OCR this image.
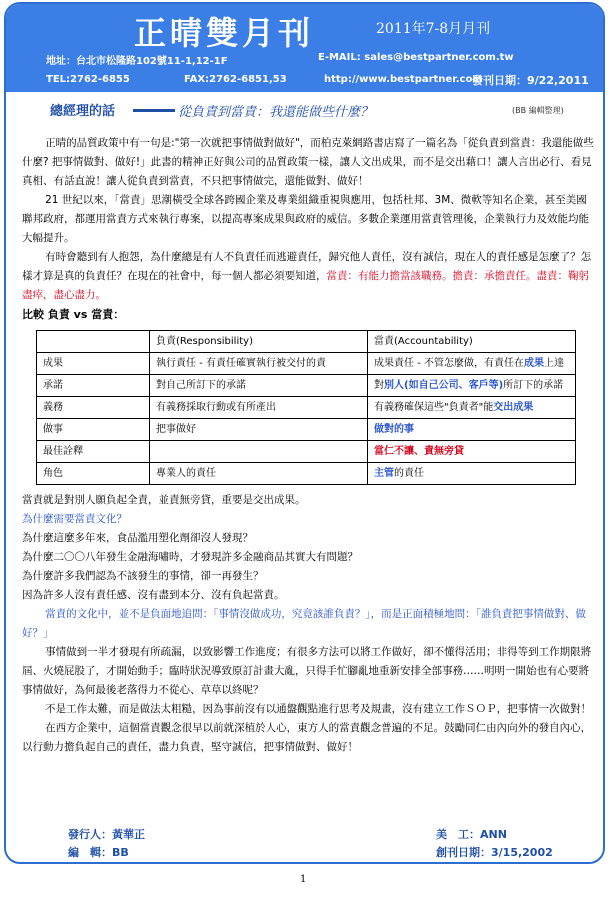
正晴雙月刊	2011年7-8月月刊
地址：台北市松隆路102號11-1,12-1F	E-MAIL: sales@bestpartner.com.tw
TEL:2762-6855	FAX:2762-6851,53	http://www.bestpartner.com
發刊日期：9/22,2011
總經理的話	從負責到當責：我還能做些什麼？	(BB 編輯整理)

正晴的品質政策中有一句是:"第一次就把事情做對做好"，而柏克萊網路書店寫了一篇名為「從負責到當責：我還能做些什麼? 把事情做對、做好!」此書的精神正好與公司的品質政策一樣，讓人文出成果，而不是交出藉口！讓人言出必行、看見真相、有話直說！讓人從負責到當責，不只把事情做完，還能做對、做好！

21 世紀以來，「當責」思潮橫受全球各跨國企業及專業組織重視與應用，包括杜邦、3M、微軟等知名企業，甚至美國聯邦政府，都運用當責方式來執行專案，以提高專案成果與政府的威信。多數企業運用當責管理後，企業執行力及效能均能大幅提升。

有時會聽到有人抱怨，為什麼總是有人不負責任而逃避責任，歸究他人責任，沒有誠信，現在人的責任感是怎麼了？怎樣才算是真的負責任？在現在的社會中，每一個人都必須要知道，當責：有能力擔當該職務。擔責：承擔責任。盡責：鞠躬盡瘁，盡心盡力。

比較 負責 vs 當責：

	負責(Responsibility)	當責(Accountability)
成果	執行責任 - 有責任確實執行被交付的責	成果責任 - 不管怎麼做，有責任在成果上達
承諾	對自己所訂下的承諾	對別人(如自己公司、客戶等)所訂下的承諾
義務	有義務採取行動或有所產出	有義務確保這些"負責者"能交出成果
做事	把事做好	做對的事
最佳詮釋		當仁不讓、責無旁貸
角色	專業人的責任	主管的責任

當責就是對別人願負起全責，並責無旁貸，重要是交出成果。

為什麼需要當責文化？

為什麼這麼多年來，食品濫用塑化劑卻沒人發現？

為什麼二〇〇八年發生金融海嘯時，才發現許多金融商品其實大有問題？

為什麼許多我們認為不該發生的事情，卻一再發生？

因為許多人沒有責任感、沒有盡到本分、沒有負起當責。

當責的文化中，並不是負面地追問：「事情沒做成功，究竟該誰負責？」，而是正面積極地問：「誰負責把事情做對、做好？」

事情做到一半才發現有所疏漏，以致影響工作進度；有很多方法可以將工作做好，卻不懂得活用；非得等到工作期限將屆、火燒屁股了，才開始動手；臨時狀況導致原訂計畫大亂，只得手忙腳亂地重新安排全部事務……明明一開始也有心要將事情做好，為何最後老落得力不從心、草草以終呢？

不是工作太難，而是做法太粗糙，因為事前沒有以通盤觀點進行思考及規畫，沒有建立工作ＳＯＰ，把事情一次做對！

在西方企業中，這個當責觀念很早以前就深植於人心，東方人的當責觀念普遍的不足。鼓勵同仁由內向外的發自內心，以行動力擔負起自己的責任，盡力負責，堅守誠信，把事情做對、做好！

發行人：黃華正
編　輯：BB
美　工：ANN
創刊日期：3/15,2002
1
